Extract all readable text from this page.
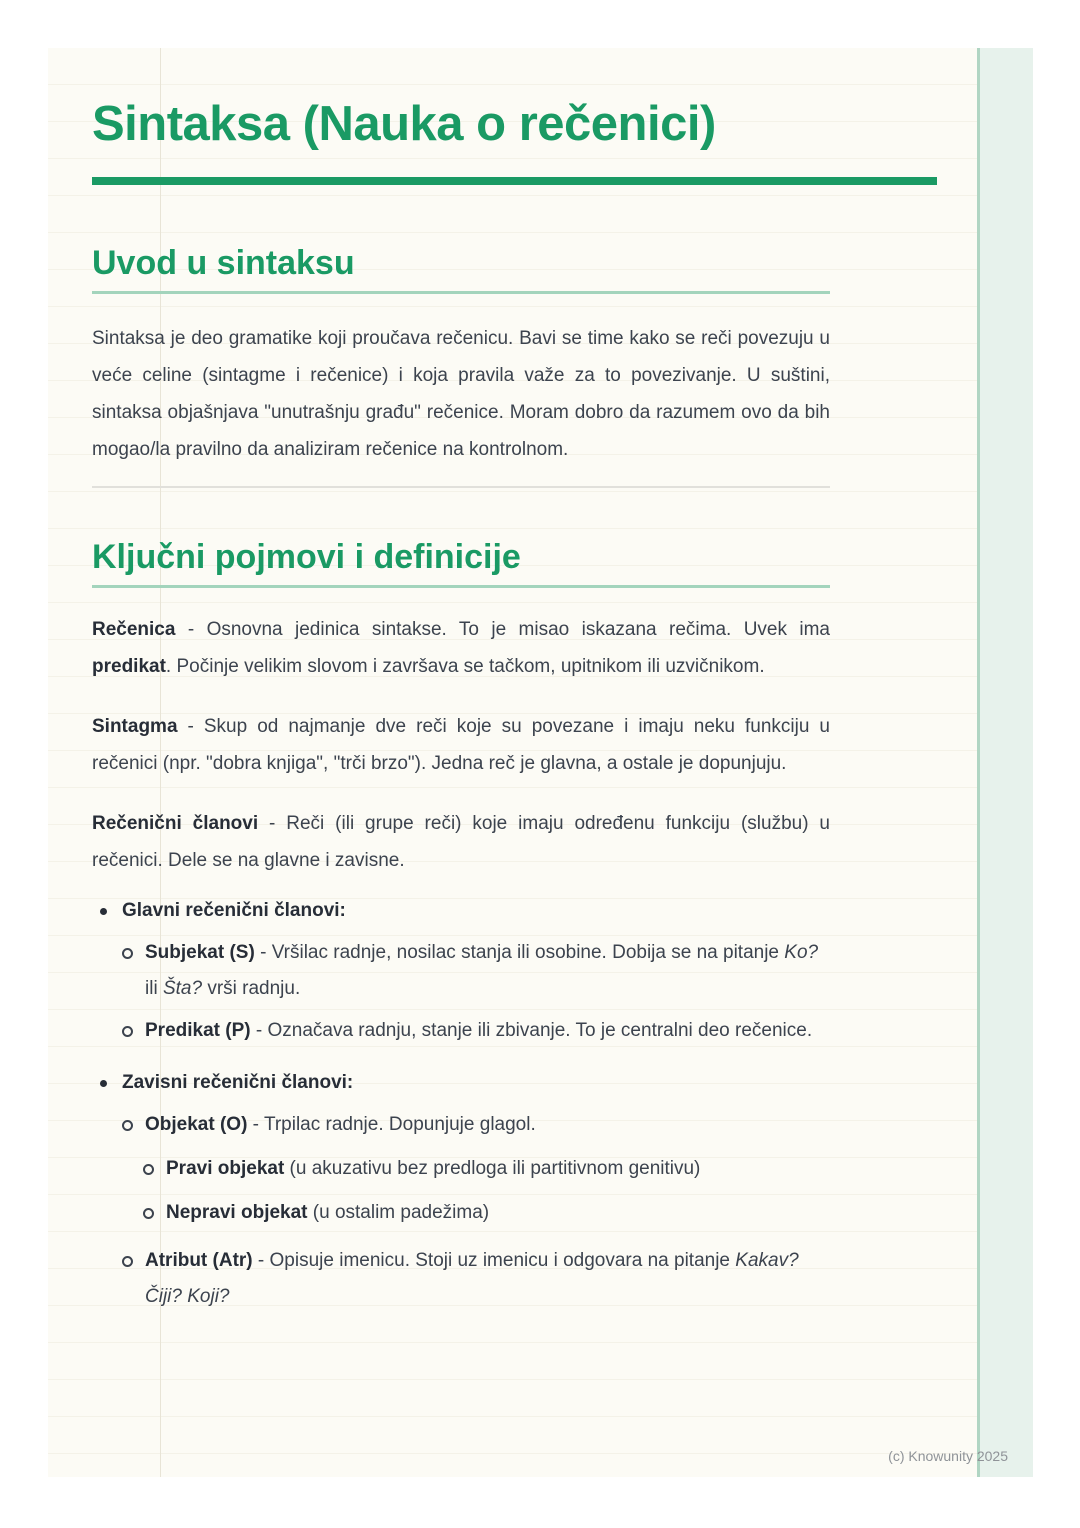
Sintaksa (Nauka o rečenici)
Uvod u sintaksu

Sintaksa je deo gramatike koji proučava rečenicu. Bavi se time kako se reči povezuju u veće celine (sintagme i rečenice) i koja pravila važe za to povezivanje. U suštini, sintaksa objašnjava "unutrašnju građu" rečenice. Moram dobro da razumem ovo da bih mogao/la pravilno da analiziram rečenice na kontrolnom.

Ključni pojmovi i definicije

Rečenica - Osnovna jedinica sintakse. To je misao iskazana rečima. Uvek ima predikat. Počinje velikim slovom i završava se tačkom, upitnikom ili uzvičnikom.

Sintagma - Skup od najmanje dve reči koje su povezane i imaju neku funkciju u rečenici (npr. "dobra knjiga", "trči brzo"). Jedna reč je glavna, a ostale je dopunjuju.

Rečenični članovi - Reči (ili grupe reči) koje imaju određenu funkciju (službu) u rečenici. Dele se na glavne i zavisne.

Glavni rečenični članovi:
Subjekat (S) - Vršilac radnje, nosilac stanja ili osobine. Dobija se na pitanje Ko? ili Šta? vrši radnju.
Predikat (P) - Označava radnju, stanje ili zbivanje. To je centralni deo rečenice.
Zavisni rečenični članovi:
Objekat (O) - Trpilac radnje. Dopunjuje glagol.
Pravi objekat (u akuzativu bez predloga ili partitivnom genitivu)
Nepravi objekat (u ostalim padežima)
Atribut (Atr) - Opisuje imenicu. Stoji uz imenicu i odgovara na pitanje Kakav? Čiji? Koji?
(c) Knowunity 2025
